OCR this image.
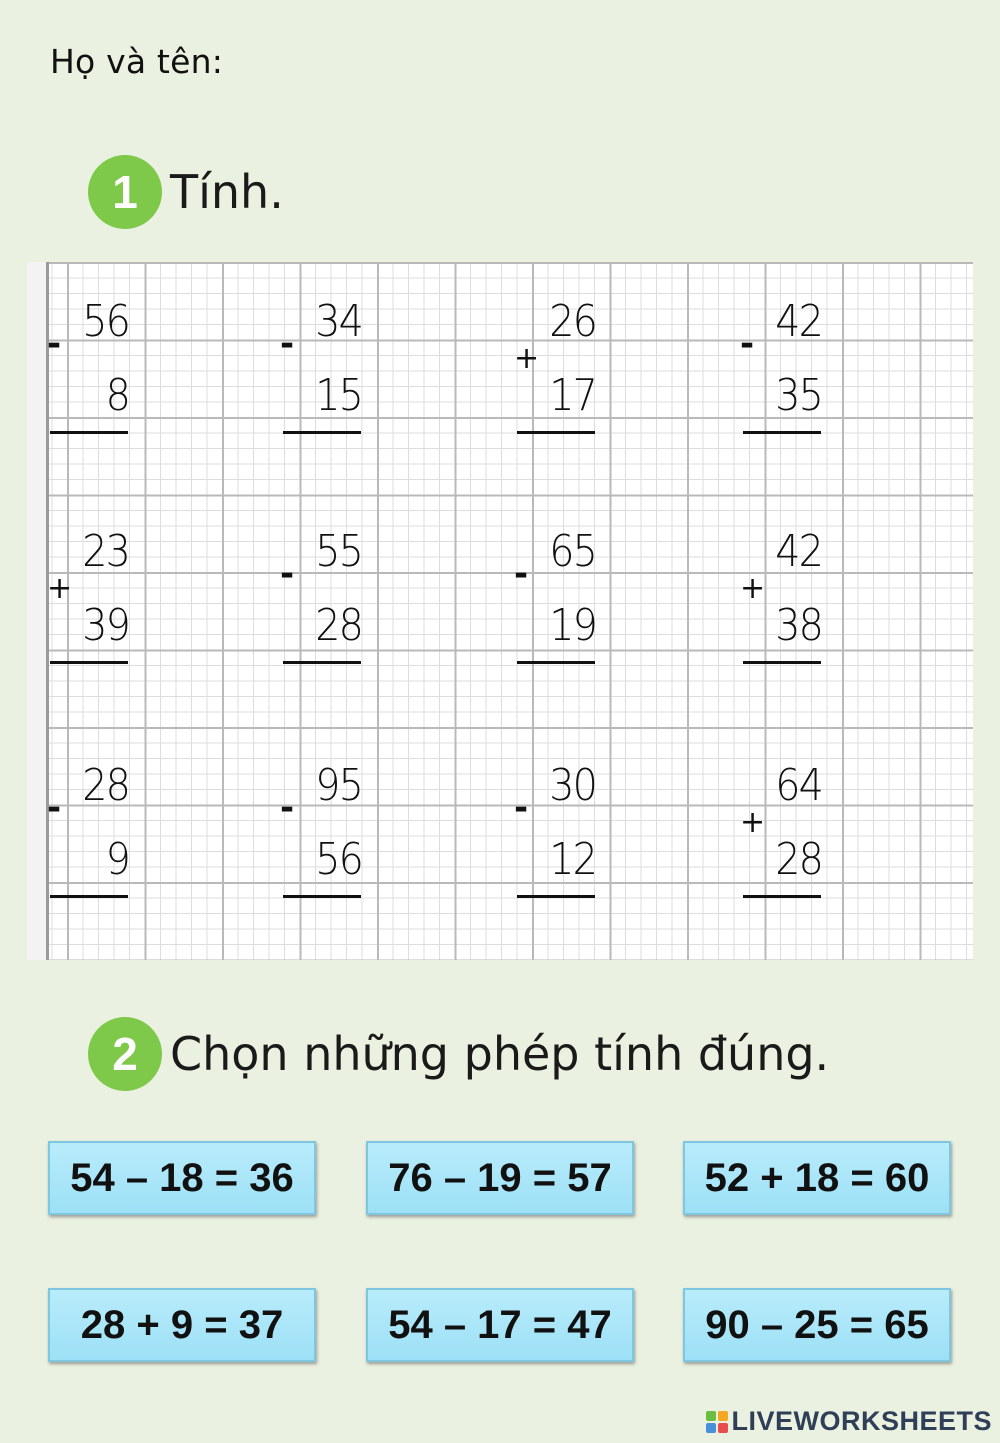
Họ và tên:
1 Tính.
- 56
8
- 34
15
+
26
17
- 42
35
+
23
39
- 55
28
- 65
19
+
42
38
- 28
9
- 95
56
- 30
12
+
64
28
2 Chọn những phép tính đúng.
54 – 18 = 36	76 – 19 = 57	52 + 18 = 60
28 + 9 = 37	54 – 17 = 47	90 – 25 = 65
LIVEWORKSHEETS
